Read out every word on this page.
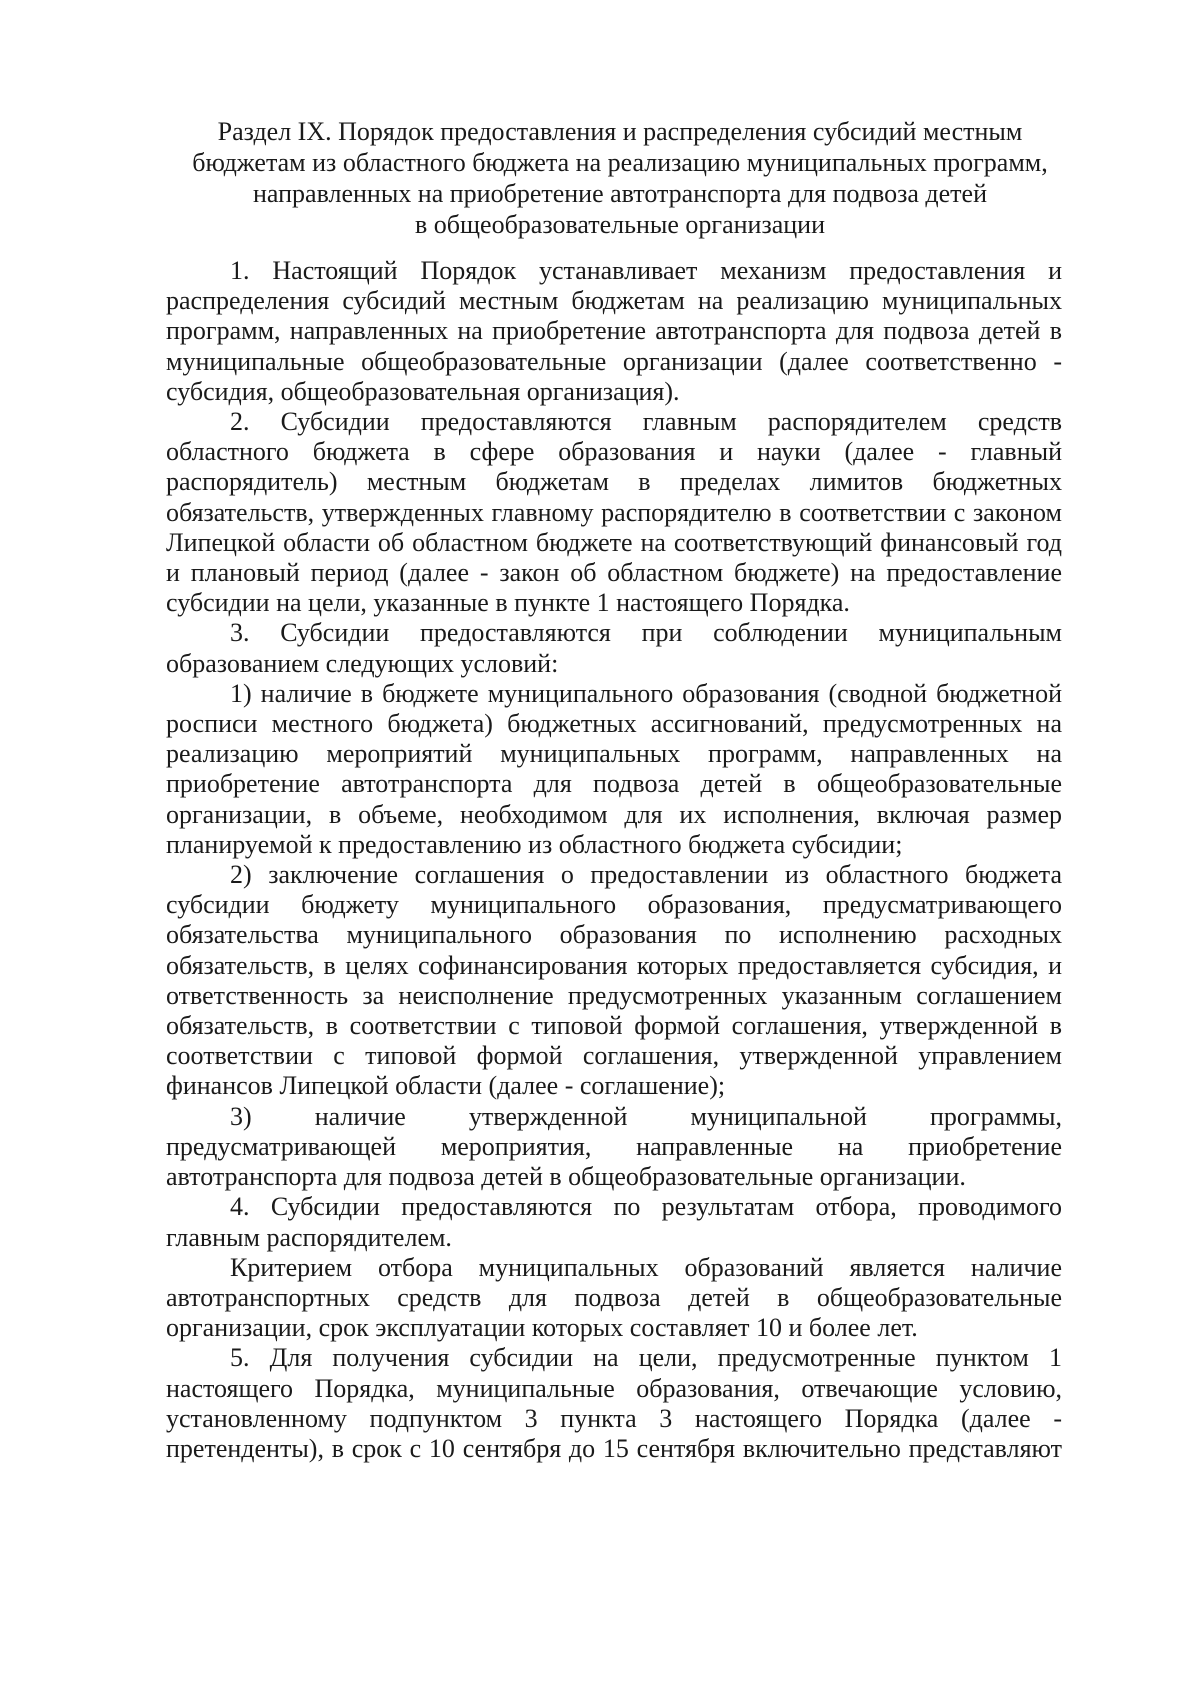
Раздел IX. Порядок предоставления и распределения субсидий местным
бюджетам из областного бюджета на реализацию муниципальных программ,
направленных на приобретение автотранспорта для подвоза детей
в общеобразовательные организации

1. Настоящий Порядок устанавливает механизм предоставления и распределения субсидий местным бюджетам на реализацию муниципальных программ, направленных на приобретение автотранспорта для подвоза детей в муниципальные общеобразовательные организации (далее соответственно - субсидия, общеобразовательная организация).

2. Субсидии предоставляются главным распорядителем средств областного бюджета в сфере образования и науки (далее - главный распорядитель) местным бюджетам в пределах лимитов бюджетных обязательств, утвержденных главному распорядителю в соответствии с законом Липецкой области об областном бюджете на соответствующий финансовый год и плановый период (далее - закон об областном бюджете) на предоставление субсидии на цели, указанные в пункте 1 настоящего Порядка.

3. Субсидии предоставляются при соблюдении муниципальным образованием следующих условий:

1) наличие в бюджете муниципального образования (сводной бюджетной росписи местного бюджета) бюджетных ассигнований, предусмотренных на реализацию мероприятий муниципальных программ, направленных на приобретение автотранспорта для подвоза детей в общеобразовательные организации, в объеме, необходимом для их исполнения, включая размер планируемой к предоставлению из областного бюджета субсидии;

2) заключение соглашения о предоставлении из областного бюджета субсидии бюджету муниципального образования, предусматривающего обязательства муниципального образования по исполнению расходных обязательств, в целях софинансирования которых предоставляется субсидия, и ответственность за неисполнение предусмотренных указанным соглашением обязательств, в соответствии с типовой формой соглашения, утвержденной в соответствии с типовой формой соглашения, утвержденной управлением финансов Липецкой области (далее - соглашение);

3) наличие утвержденной муниципальной программы, предусматривающей мероприятия, направленные на приобретение автотранспорта для подвоза детей в общеобразовательные организации.

4. Субсидии предоставляются по результатам отбора, проводимого главным распорядителем.

Критерием отбора муниципальных образований является наличие автотранспортных средств для подвоза детей в общеобразовательные организации, срок эксплуатации которых составляет 10 и более лет.

5. Для получения субсидии на цели, предусмотренные пунктом 1 настоящего Порядка, муниципальные образования, отвечающие условию, установленному подпунктом 3 пункта 3 настоящего Порядка (далее - претенденты), в срок с 10 сентября до 15 сентября включительно представляют
